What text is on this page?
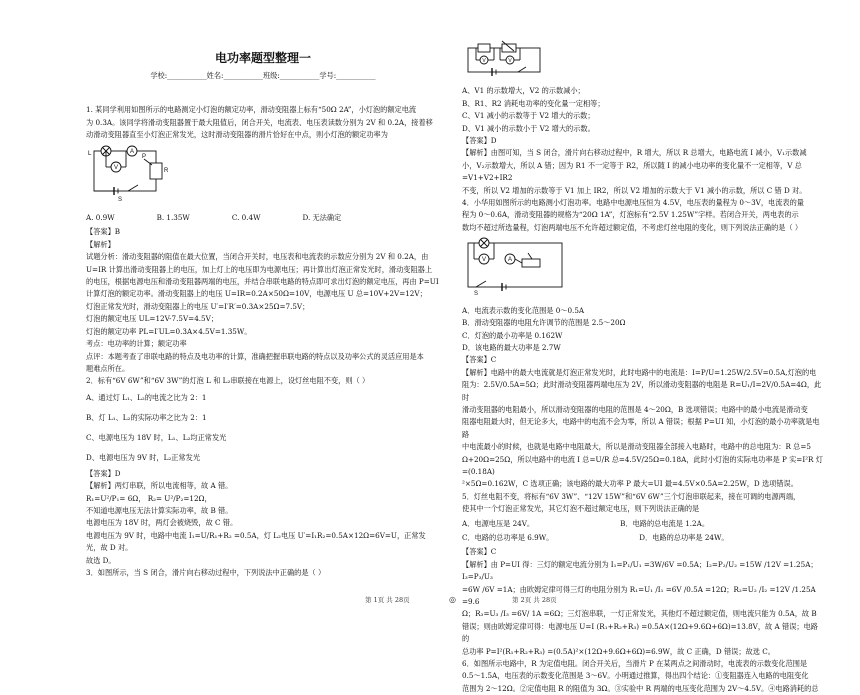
电功率题型整理一

学校:___________姓名:___________班级:___________学号:___________

1. 某同学利用如图所示的电路测定小灯泡的额定功率，滑动变阻器上标有“50Ω 2A”，小灯泡的额定电流

为 0.3A。该同学将滑动变阻器置于最大阻值后，闭合开关，电流表、电压表读数分别为 2V 和 0.2A，接着移

动滑动变阻器直至小灯泡正常发光，这时滑动变阻器的滑片恰好在中点，则小灯泡的额定功率为

A
V
L	P
R
S
A. 0.9W	B. 1.35W	C. 0.4W	D. 无法确定

【答案】B

【解析】

试题分析：滑动变阻器的阻值在最大位置，当闭合开关时，电压表和电流表的示数应分别为 2V 和 0.2A，由

U=IR 计算出滑动变阻器上的电压，加上灯上的电压即为电源电压；再计算出灯泡正常发光时，滑动变阻器上

的电压，根据电源电压和滑动变阻器两端的电压，并结合串联电路的特点即可求出灯泡的额定电压，再由 P=UI

计算灯泡的额定功率。滑动变阻器上的电压 U=IR=0.2A×50Ω=10V，电源电压 U 总=10V+2V=12V；

灯泡正常发光时，滑动变阻器上的电压 U′=I′R′=0.3A×25Ω=7.5V；

灯泡的额定电压 UL=12V-7.5V=4.5V；

灯泡的额定功率 PL=I′UL=0.3A×4.5V=1.35W。

考点：电功率的计算；额定功率

点评：本题考查了串联电路的特点及电功率的计算，准确把握串联电路的特点以及功率公式的灵活应用是本

题难点所在。

2．标有“6V 6W”和“6V 3W”的灯泡 L 和 L₂串联接在电源上，设灯丝电阻不变，则（ ）

A、通过灯 L₁、L₂的电流之比为 2：1

B、灯 L₁、L₂的实际功率之比为 2：1

C、电源电压为 18V 时，L₁、L₂均正常发光

D、电源电压为 9V 时，L₂正常发光

【答案】D

【解析】两灯串联，所以电流相等，故 A 错。

R₁=U²/P₁= 6Ω， R₂= U²/P₂=12Ω，

不知道电源电压无法计算实际功率，故 B 错。

电源电压为 18V 时，两灯会被烧毁，故 C 错。

电源电压为 9V 时，电路中电流 I₁=U/R₁+R₂ =0.5A，灯 L₂电压 U′=I₁R₂=0.5A×12Ω=6V=U，正常发光，故 D 对。

故选 D。

3．如图所示，当 S 闭合，滑片向右移动过程中，下列说法中正确的是（ ）

V	V

A、V1 的示数增大，V2 的示数减小；

B、R1、R2 消耗电功率的变化量一定相等；

C、V1 减小的示数等于 V2 增大的示数；

D、V1 减小的示数小于 V2 增大的示数。

【答案】D

【解析】由图可知，当 S 闭合，滑片向右移动过程中，R 增大，所以 R 总增大，电路电流 I 减小，V₁示数减

小，V₂示数增大，所以 A 错；因为 R1 不一定等于 R2，所以随 I 的减小电功率的变化量不一定相等，V 总=V1+V2+IR2

不变，所以 V2 增加的示数等于 V1 加上 IR2，所以 V2 增加的示数大于 V1 减小的示数，所以 C 错 D 对。

4．小华用如图所示的电路测小灯泡功率。电路中电源电压恒为 4.5V，电压表的量程为 0～3V，电流表的量

程为 0～0.6A，滑动变阻器的规格为“20Ω 1A”，灯泡标有“2.5V 1.25W”字样。若闭合开关，两电表的示

数均不超过所选量程，灯泡两端电压不允许超过额定值，不考虑灯丝电阻的变化，则下列说法正确的是（ ）

V	A
S

A．电流表示数的变化范围是 0～0.5A

B．滑动变阻器的电阻允许调节的范围是 2.5～20Ω

C．灯泡的最小功率是 0.162W

D．该电路的最大功率是 2.7W

【答案】C

【解析】电路中的最大电流就是灯泡正常发光时，此时电路中的电流是：I=P/U=1.25W/2.5V=0.5A,灯泡的电

阻为：2.5V/0.5A=5Ω；此时滑动变阻器两端电压为 2V，所以滑动变阻器的电阻是 R=U₁/I=2V/0.5A=4Ω，此时

滑动变阻器的电阻最小，所以滑动变阻器的电阻的范围是 4～20Ω，B 选项错误；电路中的最小电流是滑动变

阻器电阻最大时，但无论多大，电路中的电流不会为零，所以 A 错误；根据 P=UI 知，小灯泡的最小功率就是电路

中电流最小的时候，也就是电路中电阻最大，所以是滑动变阻器全部接入电路时，电路中的总电阻为：R 总=5

Ω+20Ω=25Ω，所以电路中的电流 I 总=U/R 总=4.5V/25Ω=0.18A，此时小灯泡的实际电功率是 P 实=I²R 灯=(0.18A)

²×5Ω=0.162W，C 选项正确；该电路的最大功率 P 最大=UI 最=4.5V×0.5A=2.25W，D 选项错误。

5．灯丝电阻不变，将标有“6V 3W”、“12V 15W”和“6V 6W”三个灯泡串联起来，接在可调的电源两端，

使其中一个灯泡正常发光，其它灯泡不超过额定电压，则下列说法正确的是

A．电源电压是 24V。	B．电路的总电流是 1.2A。
C．电路的总功率是 6.9W。	D．电路的总功率是 24W。

【答案】C

【解析】由 P=UI 得：三灯的额定电流分别为 I₁=P₁/U₁ =3W/6V =0.5A；I₂=P₂/U₂ =15W /12V =1.25A；I₃=P₃/U₃

=6W /6V =1A；由欧姆定律可得三灯的电阻分别为 R₁=U₁ /I₁ =6V /0.5A =12Ω；R₂=U₂ /I₂ =12V /1.25A =9.6

Ω；R₃=U₃ /I₃ =6V/ 1A =6Ω；三灯泡串联，一灯正常发光，其他灯不超过额定值，则电流只能为 0.5A，故 B

错误；则由欧姆定律可得：电源电压 U=I (R₁+R₂+R₃) =0.5A×(12Ω+9.6Ω+6Ω)=13.8V，故 A 错误；电路的

总功率 P=I²(R₁+R₂+R₃) =(0.5A)²×(12Ω+9.6Ω+6Ω)=6.9W，故 C 正确，D 错误；故选 C。

6．如图所示电路中，R 为定值电阻。闭合开关后，当滑片 P 在某两点之间滑动时，电流表的示数变化范围是

0.5～1.5A，电压表的示数变化范围是 3～6V。小明通过推算，得出四个结论：①变阻器连入电路的电阻变化

范围为 2～12Ω。②定值电阻 R 的阻值为 3Ω。③实验中 R 两端的电压变化范围为 2V～4.5V。④电路消耗的总

第 1页 共 28页	◎	第 2页 共 28页
